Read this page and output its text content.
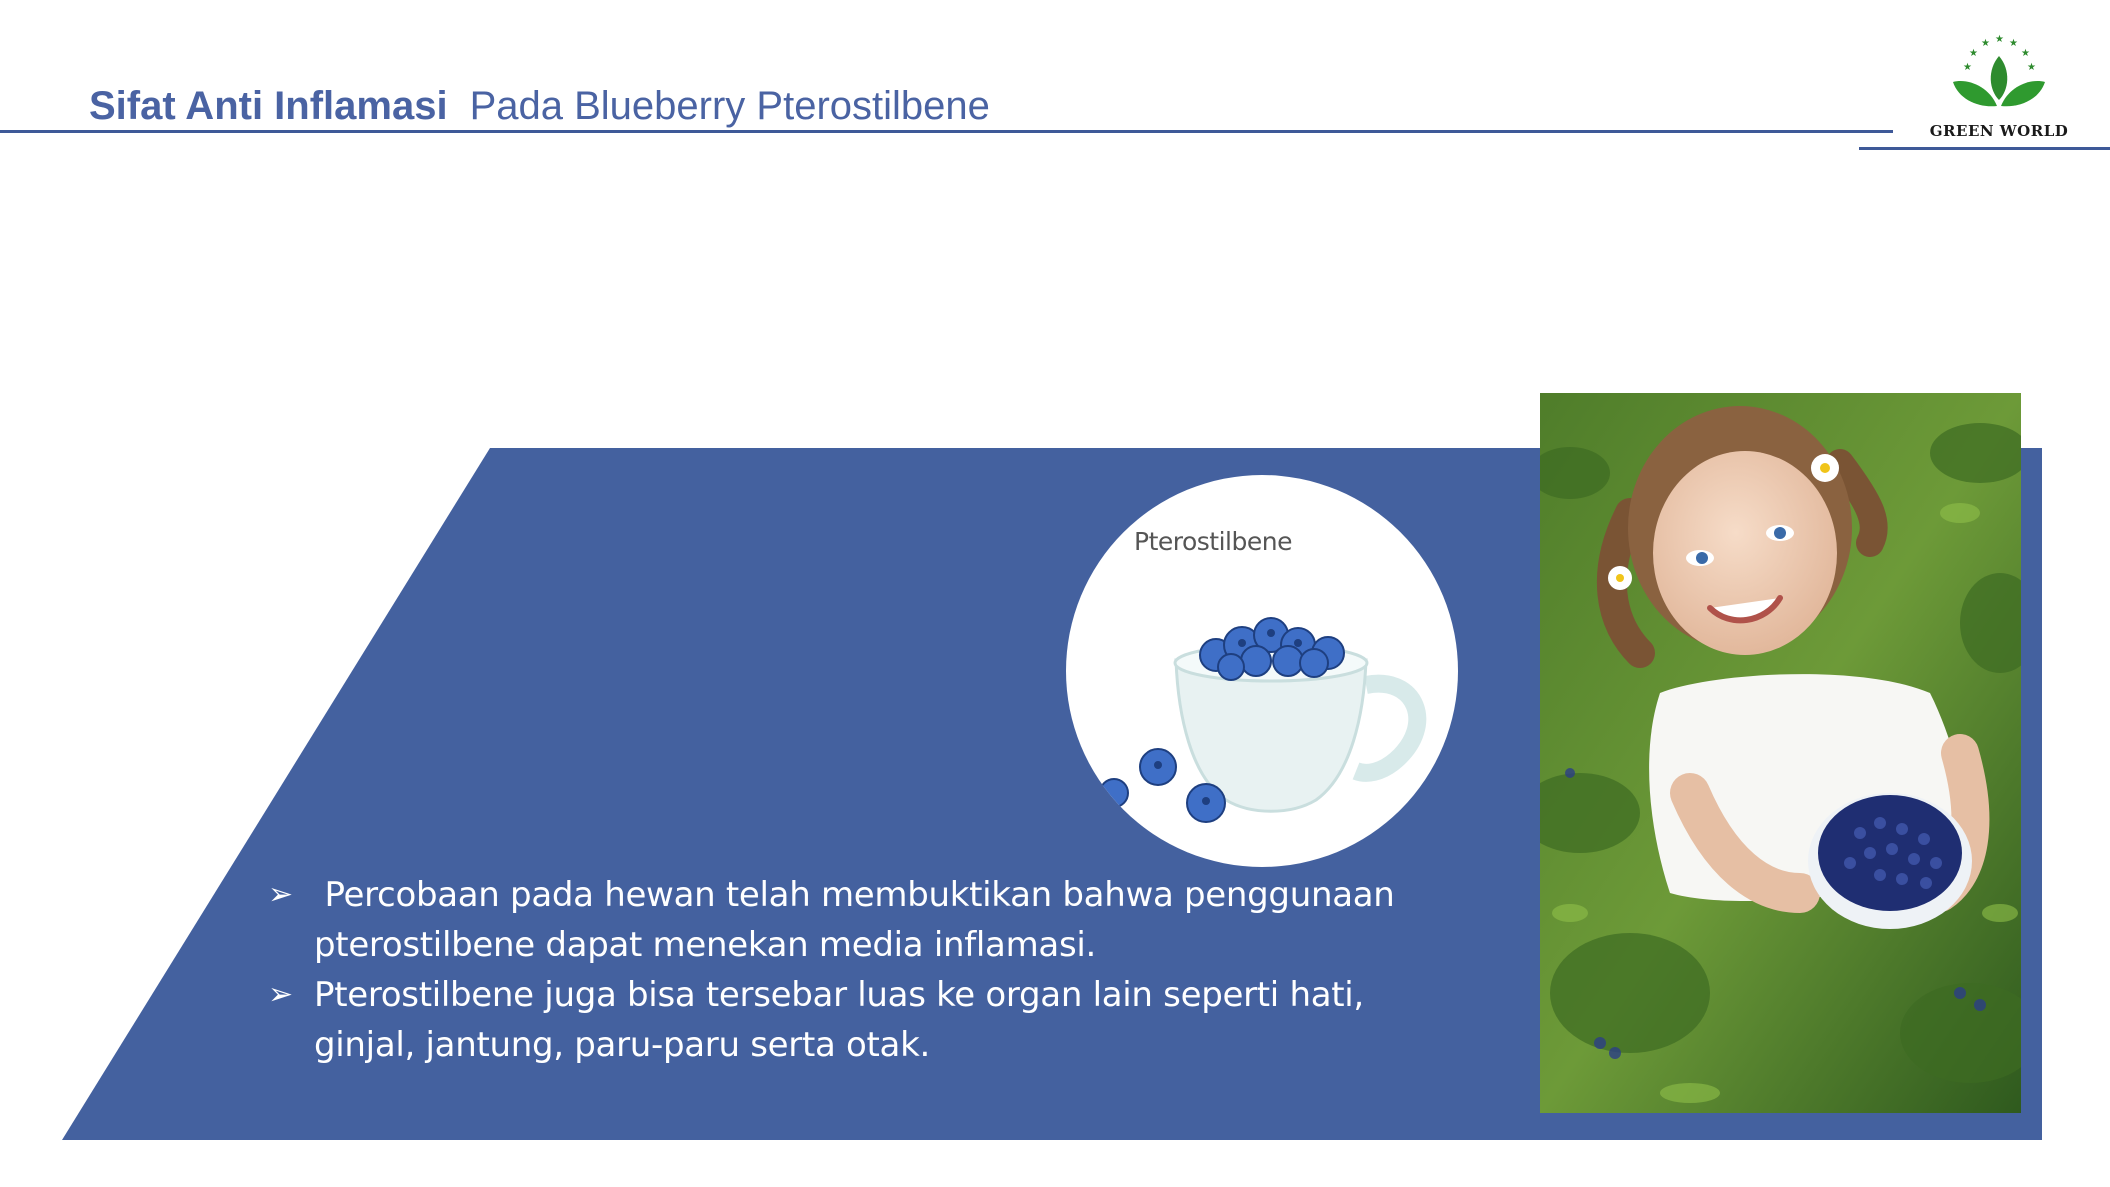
Sifat Anti Inflamasi Pada Blueberry Pterostilbene
★
★
★ ★ ★
★
★
GREEN WORLD
Pterostilbene
➢ Percobaan pada hewan telah membuktikan bahwa penggunaan
pterostilbene dapat menekan media inflamasi.
➢ Pterostilbene juga bisa tersebar luas ke organ lain seperti hati,
ginjal, jantung, paru-paru serta otak.
